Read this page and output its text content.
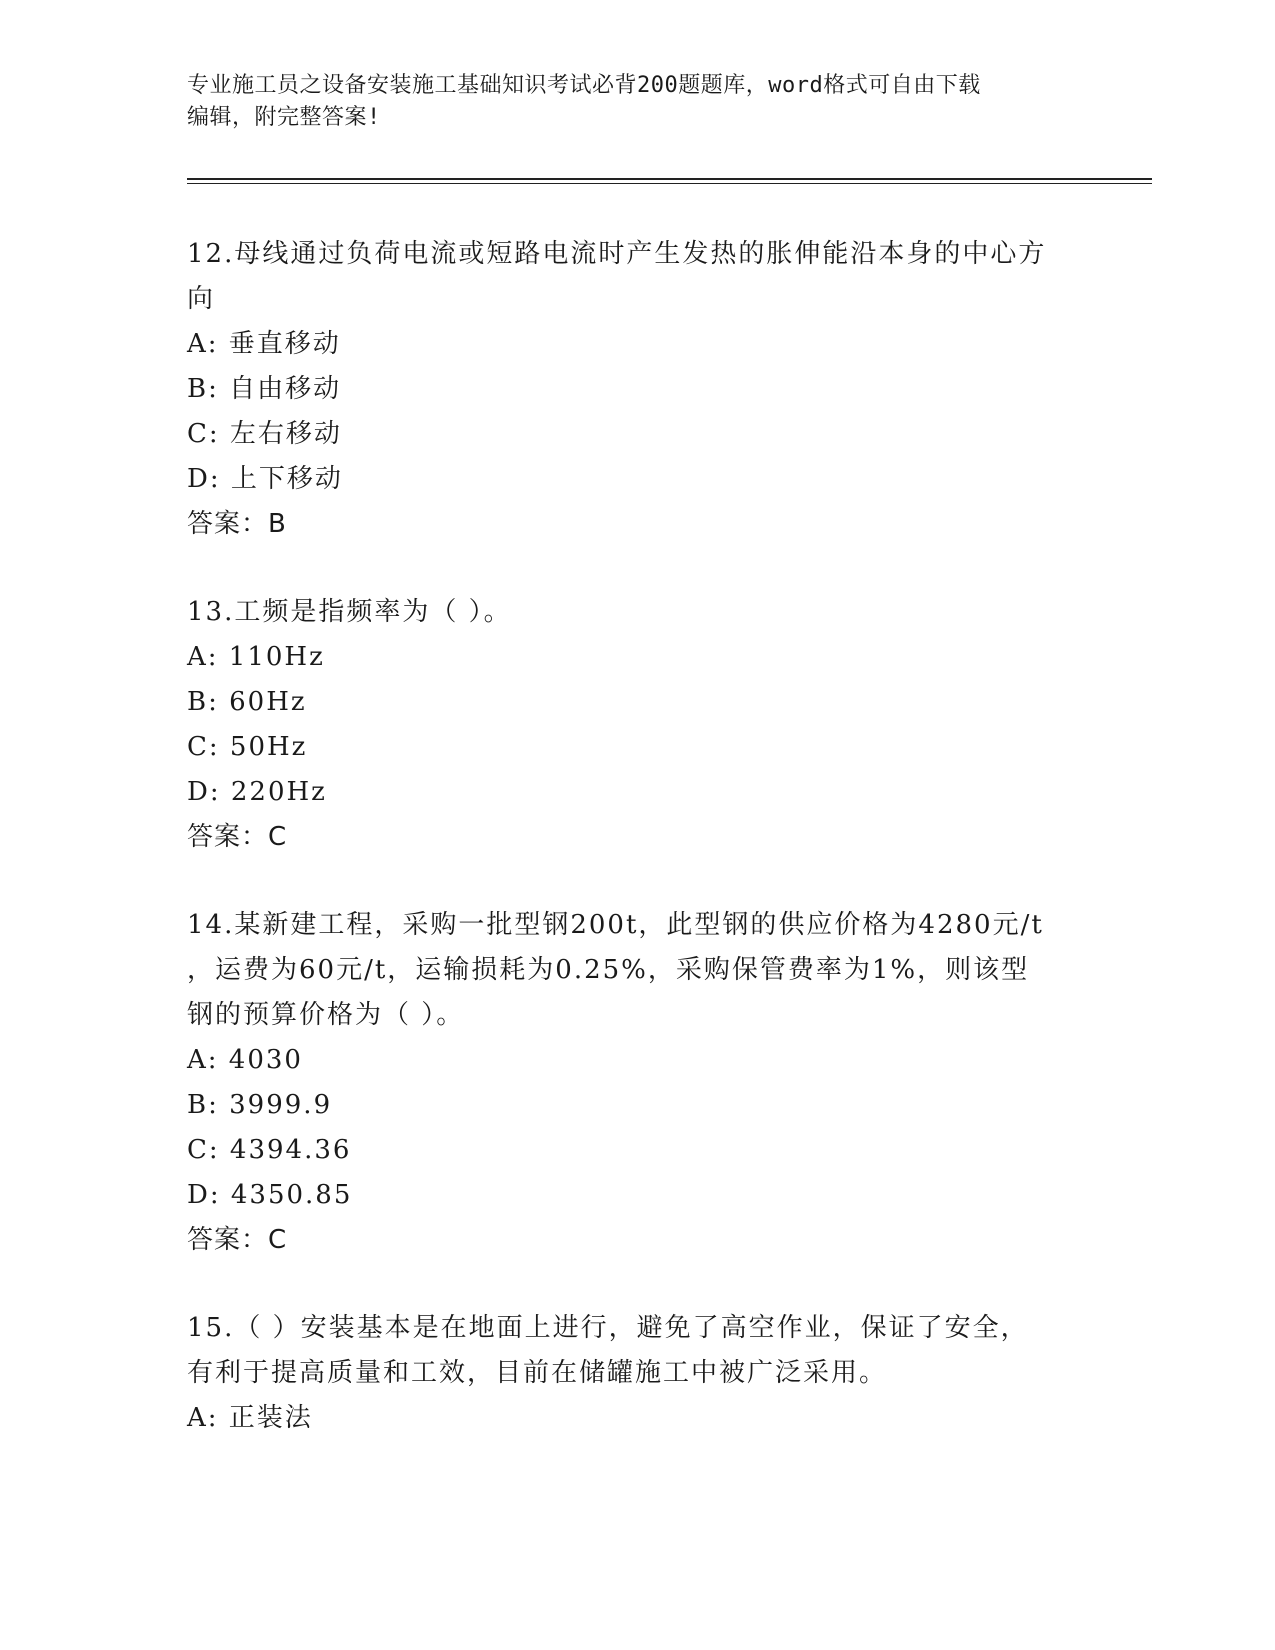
专业施工员之设备安装施工基础知识考试必背200题题库，word格式可自由下载
编辑，附完整答案!
12.母线通过负荷电流或短路电流时产生发热的胀伸能沿本身的中心方
向
A: 垂直移动
B: 自由移动
C: 左右移动
D: 上下移动
答案：B
13.工频是指频率为（ ）。
A: 110Hz
B: 60Hz
C: 50Hz
D: 220Hz
答案：C
14.某新建工程，采购一批型钢200t，此型钢的供应价格为4280元/t
，运费为60元/t，运输损耗为0.25%，采购保管费率为1%，则该型
钢的预算价格为（ ）。
A: 4030
B: 3999.9
C: 4394.36
D: 4350.85
答案：C
15.（ ）安装基本是在地面上进行，避免了高空作业，保证了安全，
有利于提高质量和工效，目前在储罐施工中被广泛采用。
A: 正装法
